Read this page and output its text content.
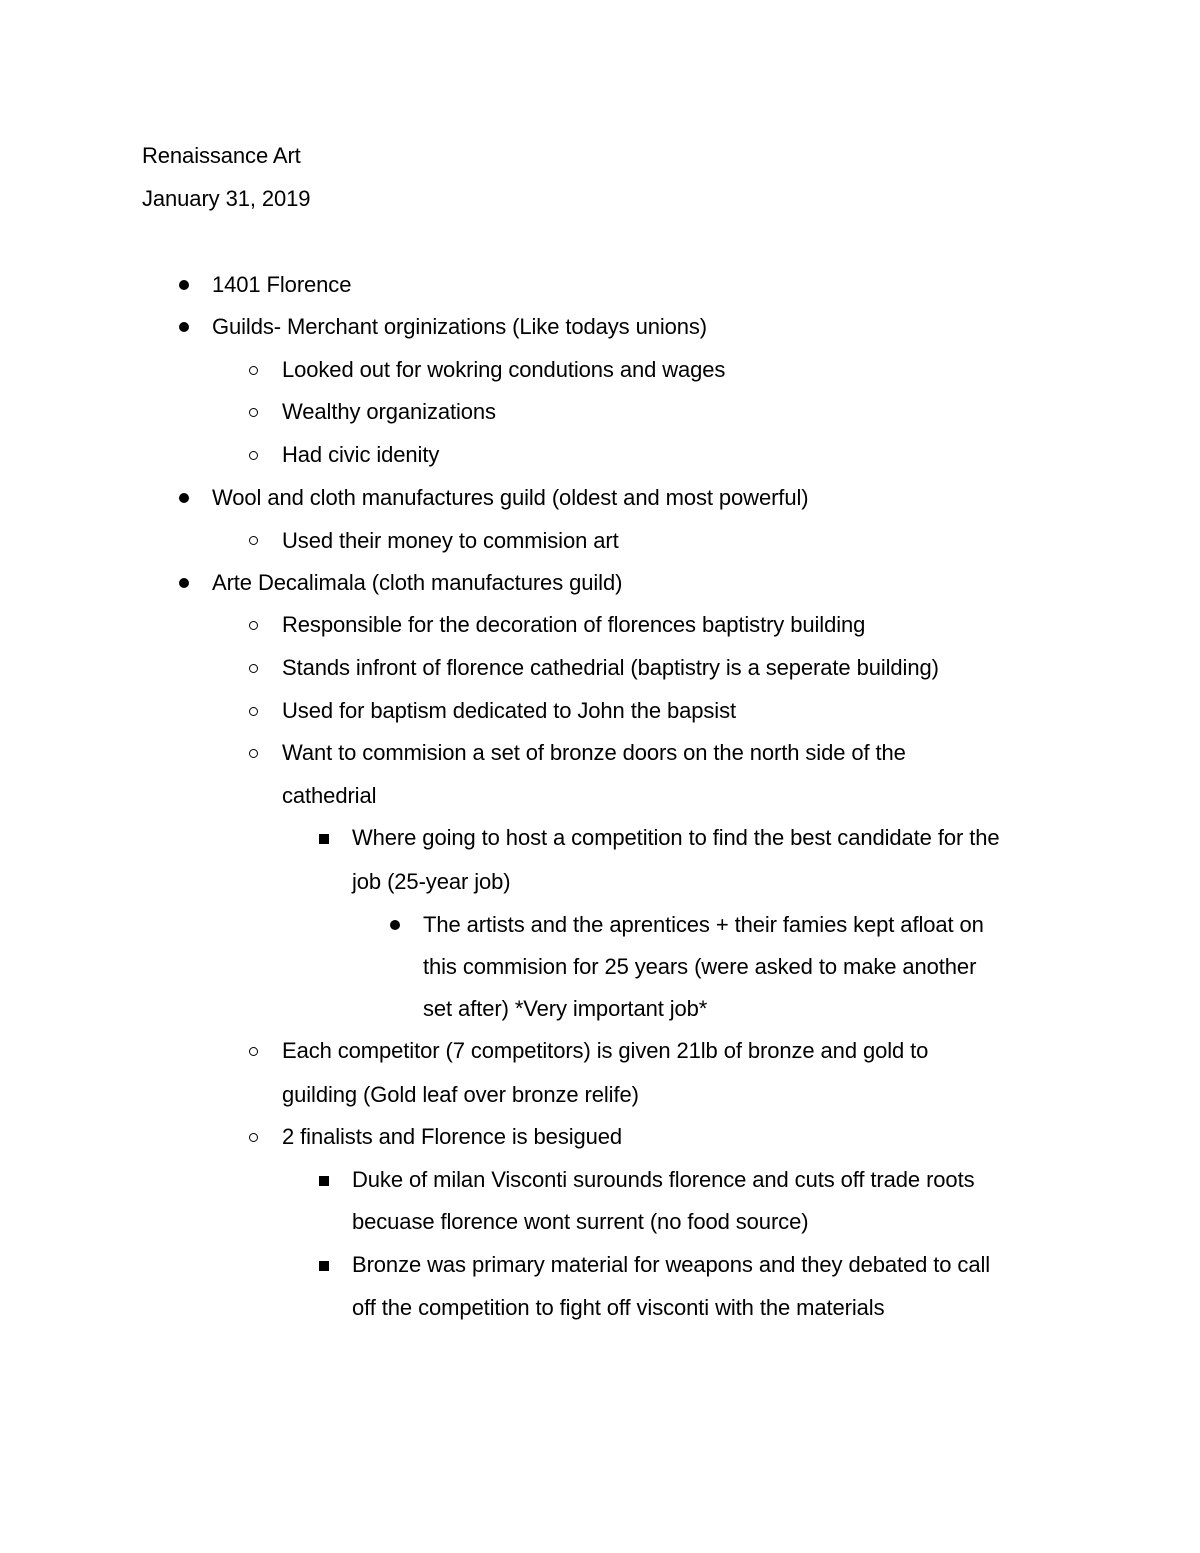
Renaissance Art
January 31, 2019
1401 Florence
Guilds- Merchant orginizations (Like todays unions)
Looked out for wokring condutions and wages
Wealthy organizations
Had civic idenity
Wool and cloth manufactures guild (oldest and most powerful)
Used their money to commision art
Arte Decalimala (cloth manufactures guild)
Responsible for the decoration of florences baptistry building
Stands infront of florence cathedrial (baptistry is a seperate building)
Used for baptism dedicated to John the bapsist
Want to commision a set of bronze doors on the north side of the
cathedrial
Where going to host a competition to find the best candidate for the
job (25-year job)
The artists and the aprentices + their famies kept afloat on
this commision for 25 years (were asked to make another
set after) *Very important job*
Each competitor (7 competitors) is given 21lb of bronze and gold to
guilding (Gold leaf over bronze relife)
2 finalists and Florence is besigued
Duke of milan Visconti surounds florence and cuts off trade roots
becuase florence wont surrent (no food source)
Bronze was primary material for weapons and they debated to call
off the competition to fight off visconti with the materials
